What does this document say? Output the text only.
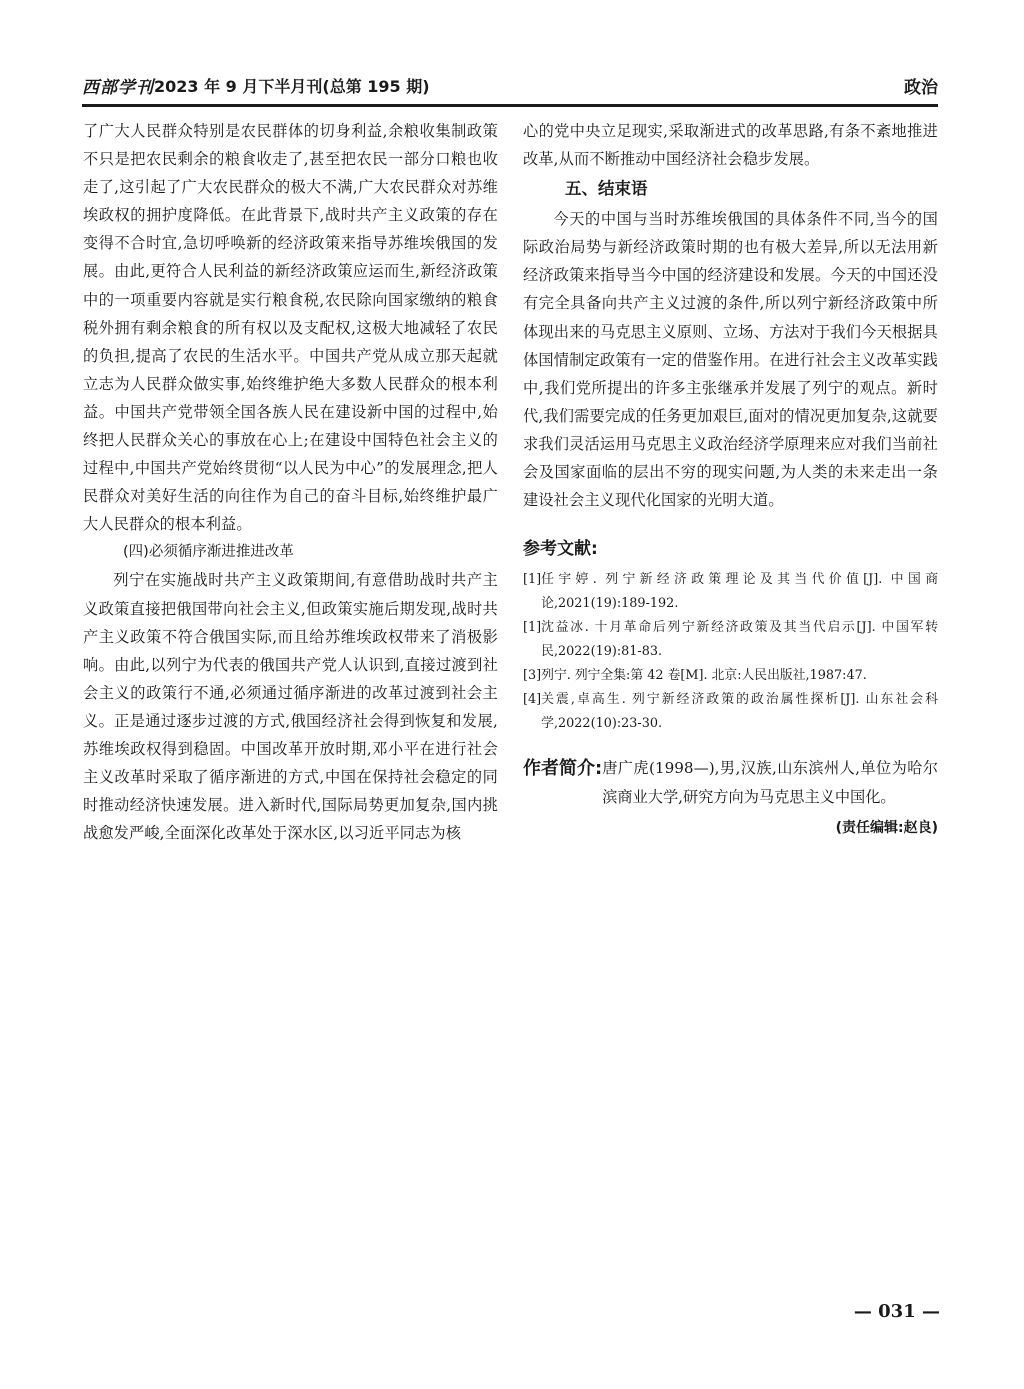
西部学刊 2023 年 9 月下半月刊(总第 195 期)	政治

了广大人民群众特别是农民群体的切身利益,余粮收集制政策不只是把农民剩余的粮食收走了,甚至把农民一部分口粮也收走了,这引起了广大农民群众的极大不满,广大农民群众对苏维埃政权的拥护度降低。在此背景下,战时共产主义政策的存在变得不合时宜,急切呼唤新的经济政策来指导苏维埃俄国的发展。由此,更符合人民利益的新经济政策应运而生,新经济政策中的一项重要内容就是实行粮食税,农民除向国家缴纳的粮食税外拥有剩余粮食的所有权以及支配权,这极大地减轻了农民的负担,提高了农民的生活水平。中国共产党从成立那天起就立志为人民群众做实事,始终维护绝大多数人民群众的根本利益。中国共产党带领全国各族人民在建设新中国的过程中,始终把人民群众关心的事放在心上;在建设中国特色社会主义的过程中,中国共产党始终贯彻“以人民为中心”的发展理念,把人民群众对美好生活的向往作为自己的奋斗目标,始终维护最广大人民群众的根本利益。

(四)必须循序渐进推进改革

列宁在实施战时共产主义政策期间,有意借助战时共产主义政策直接把俄国带向社会主义,但政策实施后期发现,战时共产主义政策不符合俄国实际,而且给苏维埃政权带来了消极影响。由此,以列宁为代表的俄国共产党人认识到,直接过渡到社会主义的政策行不通,必须通过循序渐进的改革过渡到社会主义。正是通过逐步过渡的方式,俄国经济社会得到恢复和发展,苏维埃政权得到稳固。中国改革开放时期,邓小平在进行社会主义改革时采取了循序渐进的方式,中国在保持社会稳定的同时推动经济快速发展。进入新时代,国际局势更加复杂,国内挑战愈发严峻,全面深化改革处于深水区,以习近平同志为核

心的党中央立足现实,采取渐进式的改革思路,有条不紊地推进改革,从而不断推动中国经济社会稳步发展。

五、结束语

今天的中国与当时苏维埃俄国的具体条件不同,当今的国际政治局势与新经济政策时期的也有极大差异,所以无法用新经济政策来指导当今中国的经济建设和发展。今天的中国还没有完全具备向共产主义过渡的条件,所以列宁新经济政策中所体现出来的马克思主义原则、立场、方法对于我们今天根据具体国情制定政策有一定的借鉴作用。在进行社会主义改革实践中,我们党所提出的许多主张继承并发展了列宁的观点。新时代,我们需要完成的任务更加艰巨,面对的情况更加复杂,这就要求我们灵活运用马克思主义政治经济学原理来应对我们当前社会及国家面临的层出不穷的现实问题,为人类的未来走出一条建设社会主义现代化国家的光明大道。

参考文献:
[1] 任宇婷. 列宁新经济政策理论及其当代价值[J]. 中国商论,2021(19):189-192.
[1] 沈益冰. 十月革命后列宁新经济政策及其当代启示[J]. 中国军转民,2022(19):81-83.
[3] 列宁. 列宁全集:第 42 卷[M]. 北京:人民出版社,1987:47.
[4] 关震,卓高生. 列宁新经济政策的政治属性探析[J]. 山东社会科学,2022(10):23-30.
作者简介: 唐广虎(1998—),男,汉族,山东滨州人,单位为哈尔滨商业大学,研究方向为马克思主义中国化。
(责任编辑:赵良)
— 031 —
